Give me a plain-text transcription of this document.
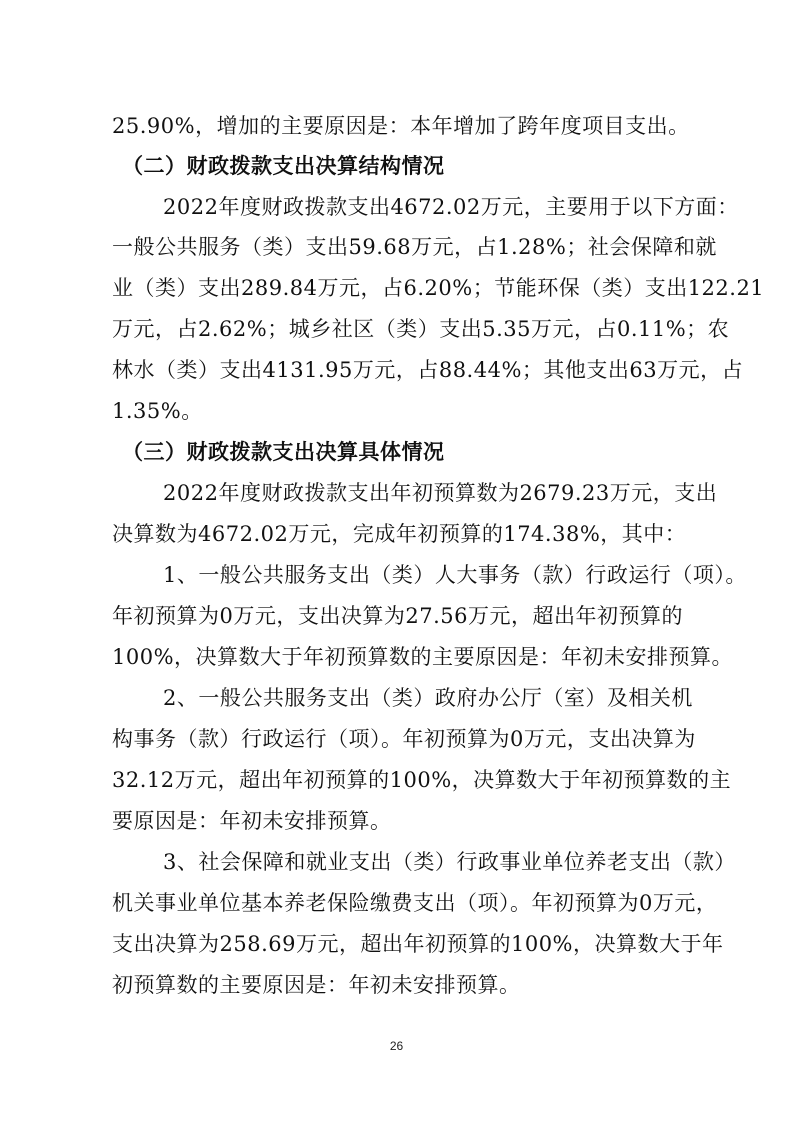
25.90%，增加的主要原因是：本年增加了跨年度项目支出。
（二）财政拨款支出决算结构情况
2022年度财政拨款支出4672.02万元，主要用于以下方面：
一般公共服务（类）支出59.68万元，占1.28%；社会保障和就
业（类）支出289.84万元，占6.20%；节能环保（类）支出122.21
万元，占2.62%；城乡社区（类）支出5.35万元，占0.11%；农
林水（类）支出4131.95万元，占88.44%；其他支出63万元，占
1.35%。
（三）财政拨款支出决算具体情况
2022年度财政拨款支出年初预算数为2679.23万元，支出
决算数为4672.02万元，完成年初预算的174.38%，其中：
1、一般公共服务支出（类）人大事务（款）行政运行（项）。
年初预算为0万元，支出决算为27.56万元，超出年初预算的
100%，决算数大于年初预算数的主要原因是：年初未安排预算。
2、一般公共服务支出（类）政府办公厅（室）及相关机
构事务（款）行政运行（项）。年初预算为0万元，支出决算为
32.12万元，超出年初预算的100%，决算数大于年初预算数的主
要原因是：年初未安排预算。
3、社会保障和就业支出（类）行政事业单位养老支出（款）
机关事业单位基本养老保险缴费支出（项）。年初预算为0万元，
支出决算为258.69万元，超出年初预算的100%，决算数大于年
初预算数的主要原因是：年初未安排预算。
26
